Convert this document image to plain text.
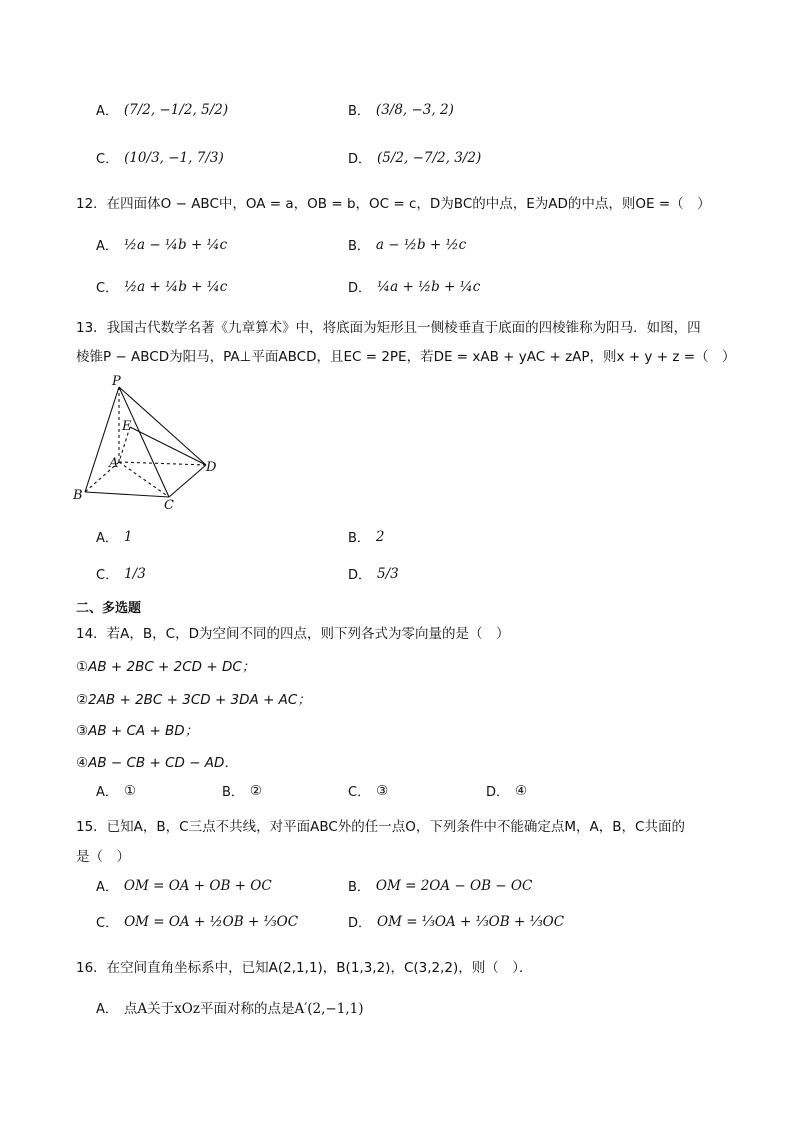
A． (7/2, −1/2, 5/2)	B． (3/8, −3, 2)
C． (10/3, −1, 7/3)	D． (5/2, −7/2, 3/2)
12．在四面体O − ABC中，OA = a，OB = b，OC = c，D为BC的中点，E为AD的中点，则OE =（　）
A． ½a − ¼b + ¼c	B． a − ½b + ½c
C． ½a + ¼b + ¼c	D． ¼a + ½b + ¼c
13．我国古代数学名著《九章算术》中，将底面为矩形且一侧棱垂直于底面的四棱锥称为阳马．如图，四
棱锥P − ABCD为阳马，PA⊥平面ABCD，且EC = 2PE，若DE = xAB + yAC + zAP，则x + y + z =（　）
P
E
A
B
C
D
A． 1	B． 2
C． 1/3	D． 5/3
二、多选题
14．若A，B，C，D为空间不同的四点，则下列各式为零向量的是（　）
①AB + 2BC + 2CD + DC；
②2AB + 2BC + 3CD + 3DA + AC；
③AB + CA + BD；
④AB − CB + CD − AD．
A． ①	B． ②	C． ③	D． ④
15．已知A，B，C三点不共线，对平面ABC外的任一点O，下列条件中不能确定点M，A，B，C共面的
是（　）
A． OM = OA + OB + OC	B． OM = 2OA − OB − OC
C． OM = OA + ½OB + ⅓OC	D． OM = ⅓OA + ⅓OB + ⅓OC
16．在空间直角坐标系中，已知A(2,1,1)，B(1,3,2)，C(3,2,2)，则（　）．
A． 点A关于xOz平面对称的点是A′(2,−1,1)
